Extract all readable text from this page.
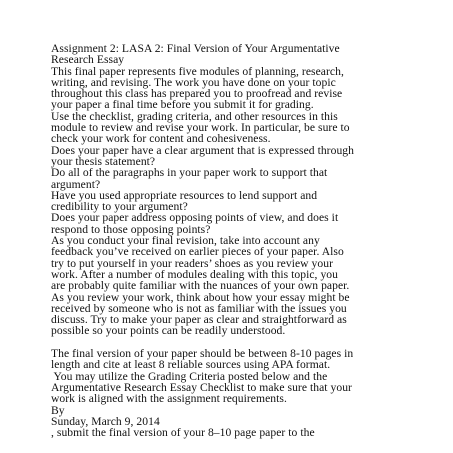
Assignment 2: LASA 2: Final Version of Your Argumentative
Research Essay
This final paper represents five modules of planning, research,
writing, and revising. The work you have done on your topic
throughout this class has prepared you to proofread and revise
your paper a final time before you submit it for grading.
Use the checklist, grading criteria, and other resources in this
module to review and revise your work. In particular, be sure to
check your work for content and cohesiveness.
Does your paper have a clear argument that is expressed through
your thesis statement?
Do all of the paragraphs in your paper work to support that
argument?
Have you used appropriate resources to lend support and
credibility to your argument?
Does your paper address opposing points of view, and does it
respond to those opposing points?
As you conduct your final revision, take into account any
feedback you’ve received on earlier pieces of your paper. Also
try to put yourself in your readers’ shoes as you review your
work. After a number of modules dealing with this topic, you
are probably quite familiar with the nuances of your own paper.
As you review your work, think about how your essay might be
received by someone who is not as familiar with the issues you
discuss. Try to make your paper as clear and straightforward as
possible so your points can be readily understood.
The final version of your paper should be between 8-10 pages in
length and cite at least 8 reliable sources using APA format.
You may utilize the Grading Criteria posted below and the
Argumentative Research Essay Checklist to make sure that your
work is aligned with the assignment requirements.
By
Sunday, March 9, 2014
, submit the final version of your 8–10 page paper to the
